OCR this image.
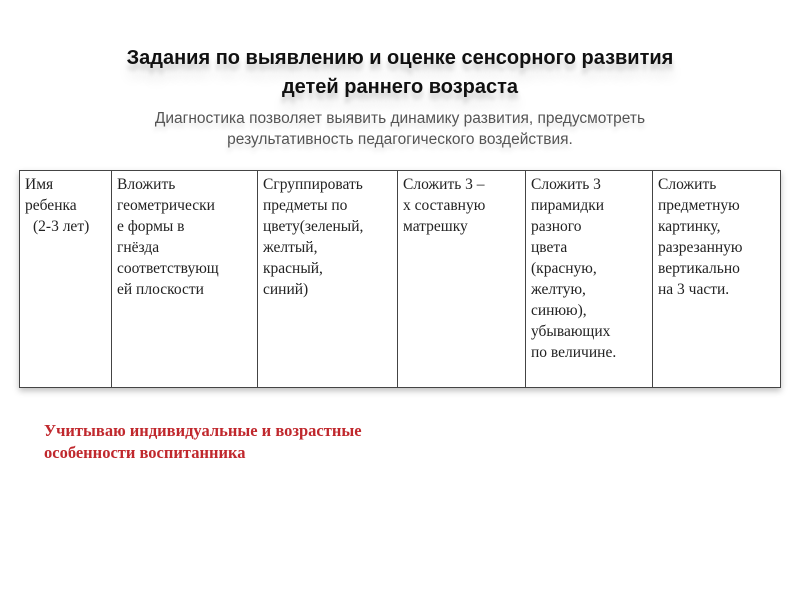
Задания по выявлению и оценке сенсорного развития
детей раннего возраста
Диагностика позволяет выявить динамику развития, предусмотреть
результативность педагогического воздействия.
Имя
ребенка
(2-3 лет)

Вложить
геометрически
е формы в
гнёзда
соответствующ
ей плоскости

Сгруппировать
предметы по
цвету(зеленый,
желтый,
красный,
синий)

Сложить 3 –
х составную
матрешку

Сложить 3
пирамидки
разного
цвета
(красную,
желтую,
синюю),
убывающих
по величине.

Сложить
предметную
картинку,
разрезанную
вертикально
на 3 части.
Учитываю индивидуальные и возрастные
особенности воспитанника
